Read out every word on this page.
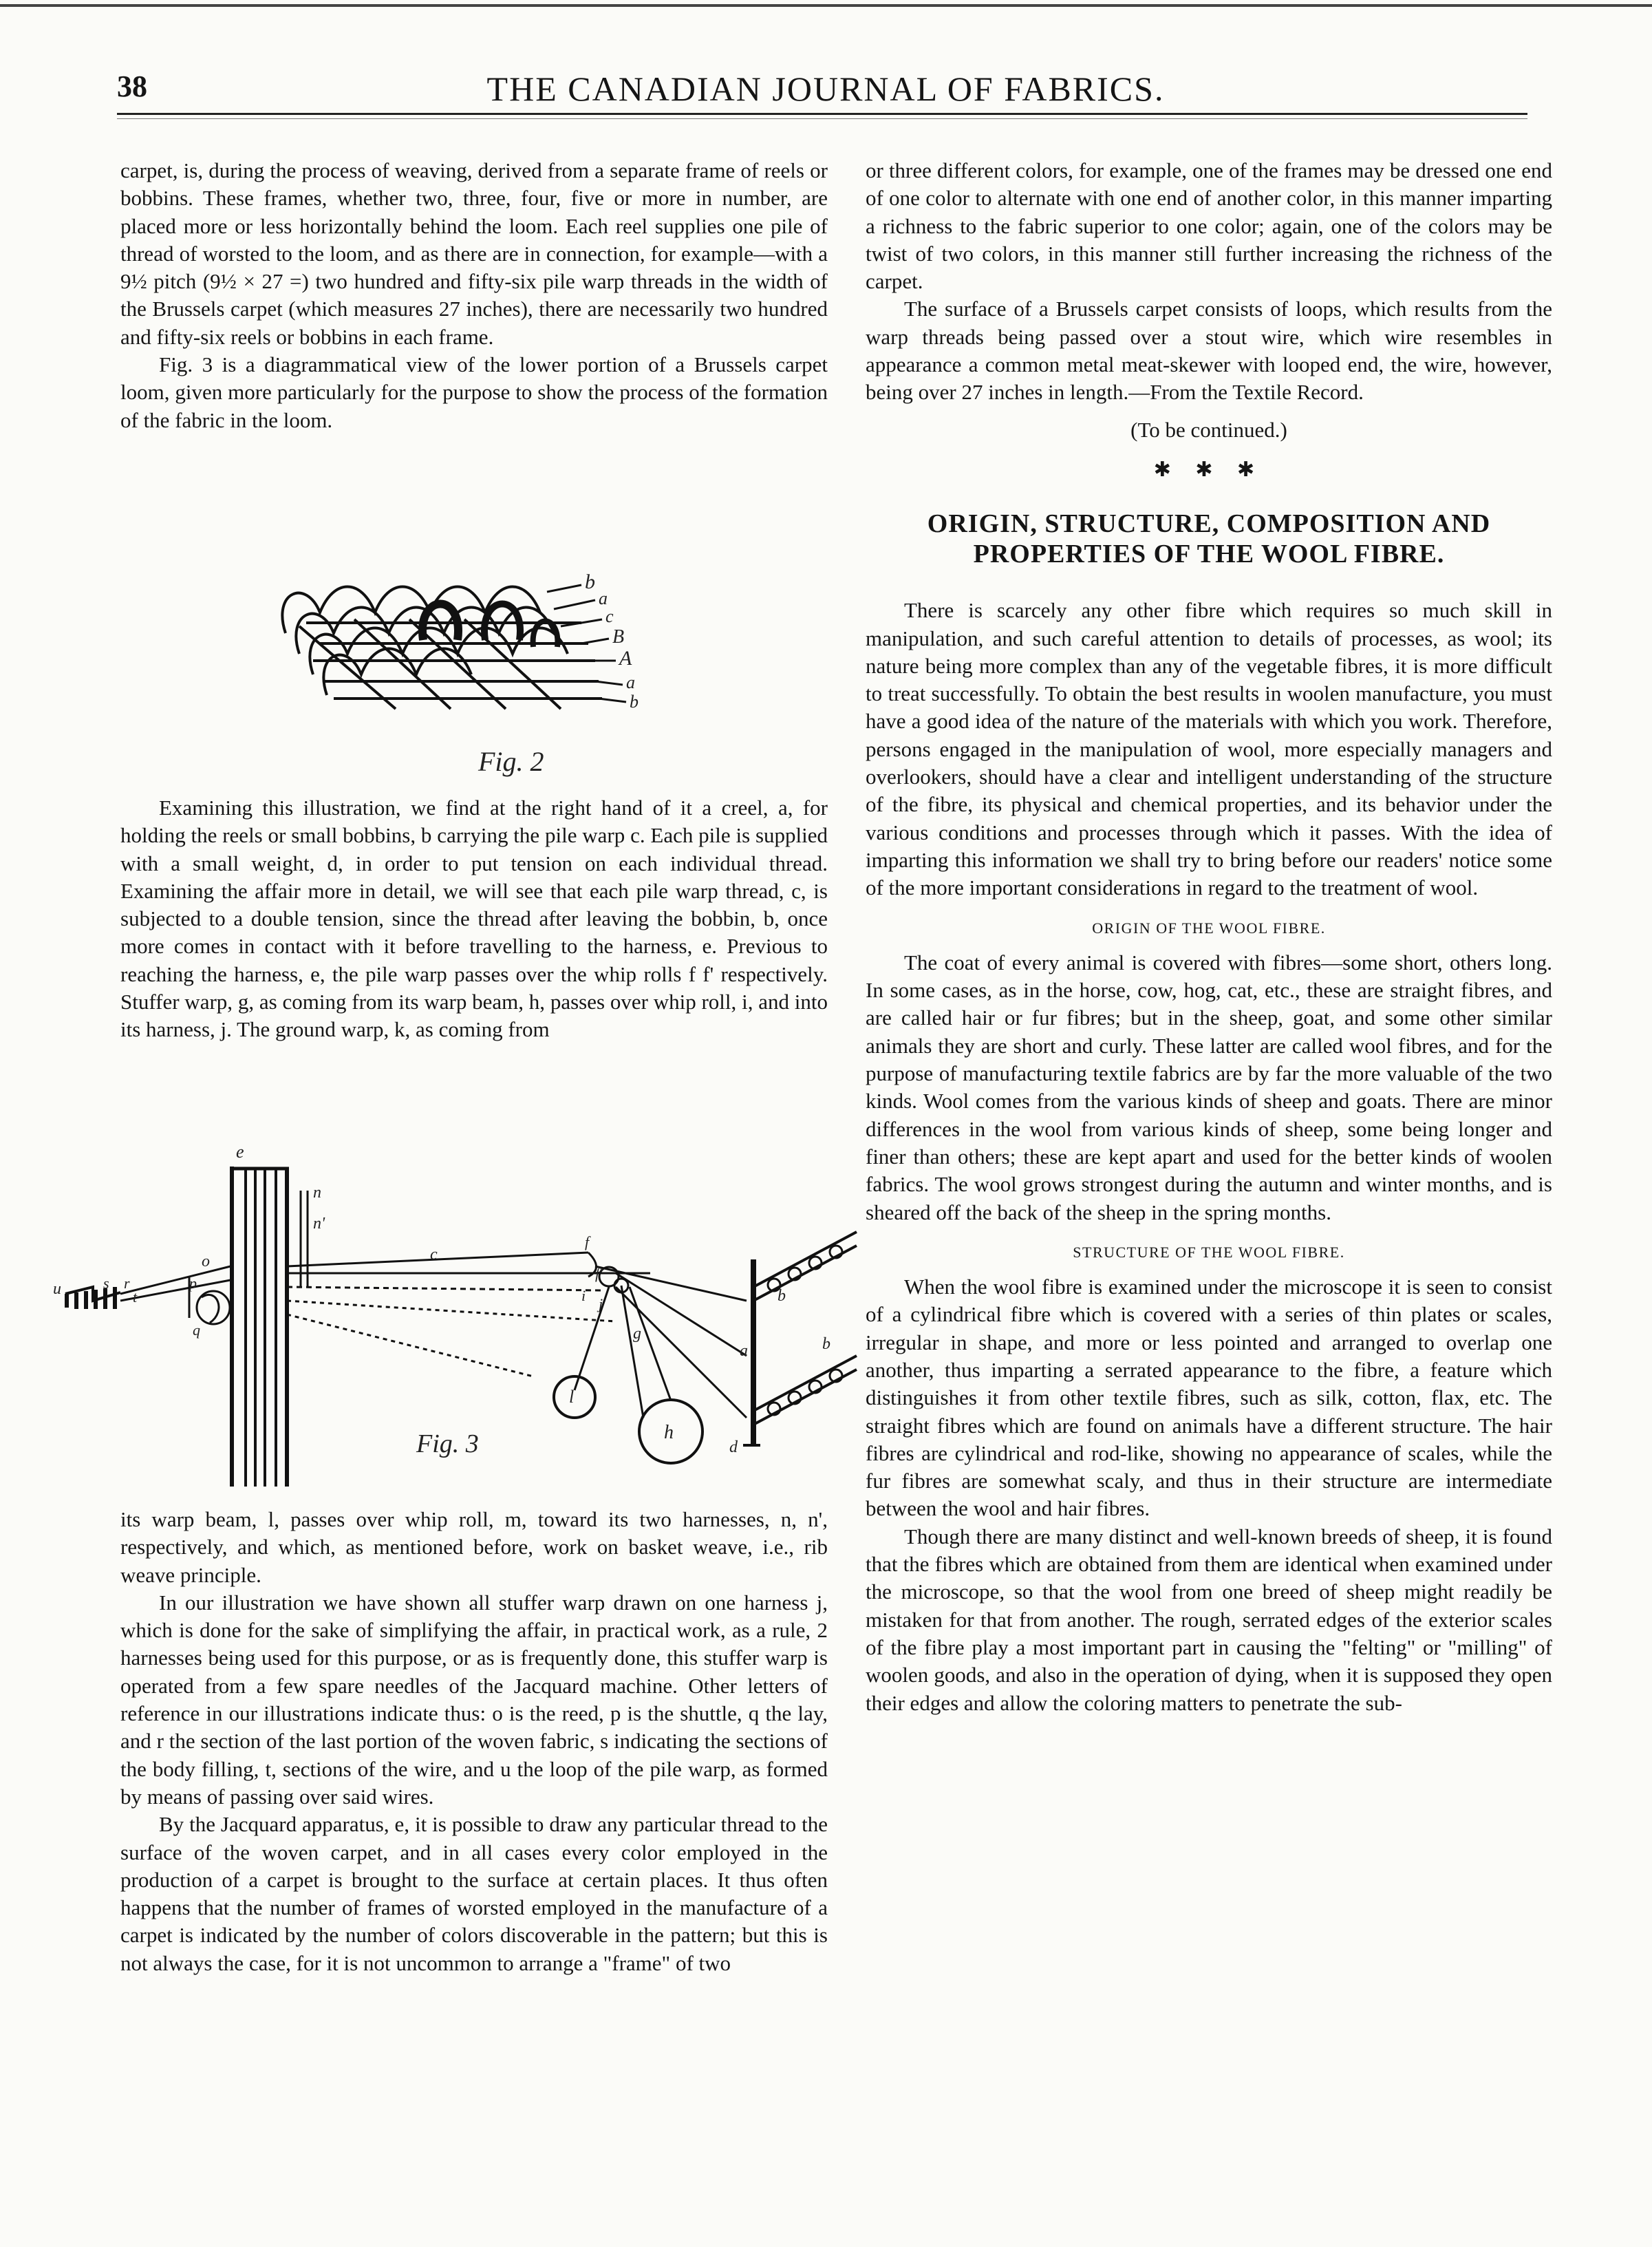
38	THE CANADIAN JOURNAL OF FABRICS.

carpet, is, during the process of weaving, derived from a separate frame of reels or bobbins. These frames, whether two, three, four, five or more in number, are placed more or less horizontally behind the loom. Each reel supplies one pile of thread of worsted to the loom, and as there are in connection, for example—with a 9½ pitch (9½ × 27 =) two hundred and fifty-six pile warp threads in the width of the Brussels carpet (which measures 27 inches), there are necessarily two hundred and fifty-six reels or bobbins in each frame.

Fig. 3 is a diagrammatical view of the lower portion of a Brussels carpet loom, given more particularly for the purpose to show the process of the formation of the fabric in the loom.

b
a
c
B
A
a
b
Fig. 2

Examining this illustration, we find at the right hand of it a creel, a, for holding the reels or small bobbins, b carrying the pile warp c. Each pile is supplied with a small weight, d, in order to put tension on each individual thread. Examining the affair more in detail, we will see that each pile warp thread, c, is subjected to a double tension, since the thread after leaving the bobbin, b, once more comes in contact with it before travelling to the harness, e. Previous to reaching the harness, e, the pile warp passes over the whip rolls f f' respectively. Stuffer warp, g, as coming from its warp beam, h, passes over whip roll, i, and into its harness, j. The ground warp, k, as coming from

e
n
n'
o
p
q
r
s
t
u
c
f
f'
i j
g
l
h
a
b
b
d
Fig. 3

its warp beam, l, passes over whip roll, m, toward its two harnesses, n, n', respectively, and which, as mentioned before, work on basket weave, i.e., rib weave principle.

In our illustration we have shown all stuffer warp drawn on one harness j, which is done for the sake of simplifying the affair, in practical work, as a rule, 2 harnesses being used for this purpose, or as is frequently done, this stuffer warp is operated from a few spare needles of the Jacquard machine. Other letters of reference in our illustrations indicate thus: o is the reed, p is the shuttle, q the lay, and r the section of the last portion of the woven fabric, s indicating the sections of the body filling, t, sections of the wire, and u the loop of the pile warp, as formed by means of passing over said wires.

By the Jacquard apparatus, e, it is possible to draw any particular thread to the surface of the woven carpet, and in all cases every color employed in the production of a carpet is brought to the surface at certain places. It thus often happens that the number of frames of worsted employed in the manufacture of a carpet is indicated by the number of colors discoverable in the pattern; but this is not always the case, for it is not uncommon to arrange a "frame" of two

or three different colors, for example, one of the frames may be dressed one end of one color to alternate with one end of another color, in this manner imparting a richness to the fabric superior to one color; again, one of the colors may be twist of two colors, in this manner still further increasing the richness of the carpet.

The surface of a Brussels carpet consists of loops, which results from the warp threads being passed over a stout wire, which wire resembles in appearance a common metal meat-skewer with looped end, the wire, however, being over 27 inches in length.—From the Textile Record.

(To be continued.)

✱ ✱ ✱
ORIGIN, STRUCTURE, COMPOSITION AND PROPERTIES OF THE WOOL FIBRE.

There is scarcely any other fibre which requires so much skill in manipulation, and such careful attention to details of processes, as wool; its nature being more complex than any of the vegetable fibres, it is more difficult to treat successfully. To obtain the best results in woolen manufacture, you must have a good idea of the nature of the materials with which you work. Therefore, persons engaged in the manipulation of wool, more especially managers and overlookers, should have a clear and intelligent understanding of the structure of the fibre, its physical and chemical properties, and its behavior under the various conditions and processes through which it passes. With the idea of imparting this information we shall try to bring before our readers' notice some of the more important considerations in regard to the treatment of wool.

ORIGIN OF THE WOOL FIBRE.

The coat of every animal is covered with fibres—some short, others long. In some cases, as in the horse, cow, hog, cat, etc., these are straight fibres, and are called hair or fur fibres; but in the sheep, goat, and some other similar animals they are short and curly. These latter are called wool fibres, and for the purpose of manufacturing textile fabrics are by far the more valuable of the two kinds. Wool comes from the various kinds of sheep and goats. There are minor differences in the wool from various kinds of sheep, some being longer and finer than others; these are kept apart and used for the better kinds of woolen fabrics. The wool grows strongest during the autumn and winter months, and is sheared off the back of the sheep in the spring months.

STRUCTURE OF THE WOOL FIBRE.

When the wool fibre is examined under the microscope it is seen to consist of a cylindrical fibre which is covered with a series of thin plates or scales, irregular in shape, and more or less pointed and arranged to overlap one another, thus imparting a serrated appearance to the fibre, a feature which distinguishes it from other textile fibres, such as silk, cotton, flax, etc. The straight fibres which are found on animals have a different structure. The hair fibres are cylindrical and rod-like, showing no appearance of scales, while the fur fibres are somewhat scaly, and thus in their structure are intermediate between the wool and hair fibres.

Though there are many distinct and well-known breeds of sheep, it is found that the fibres which are obtained from them are identical when examined under the microscope, so that the wool from one breed of sheep might readily be mistaken for that from another. The rough, serrated edges of the exterior scales of the fibre play a most important part in causing the "felting" or "milling" of woolen goods, and also in the operation of dying, when it is supposed they open their edges and allow the coloring matters to penetrate the sub-
